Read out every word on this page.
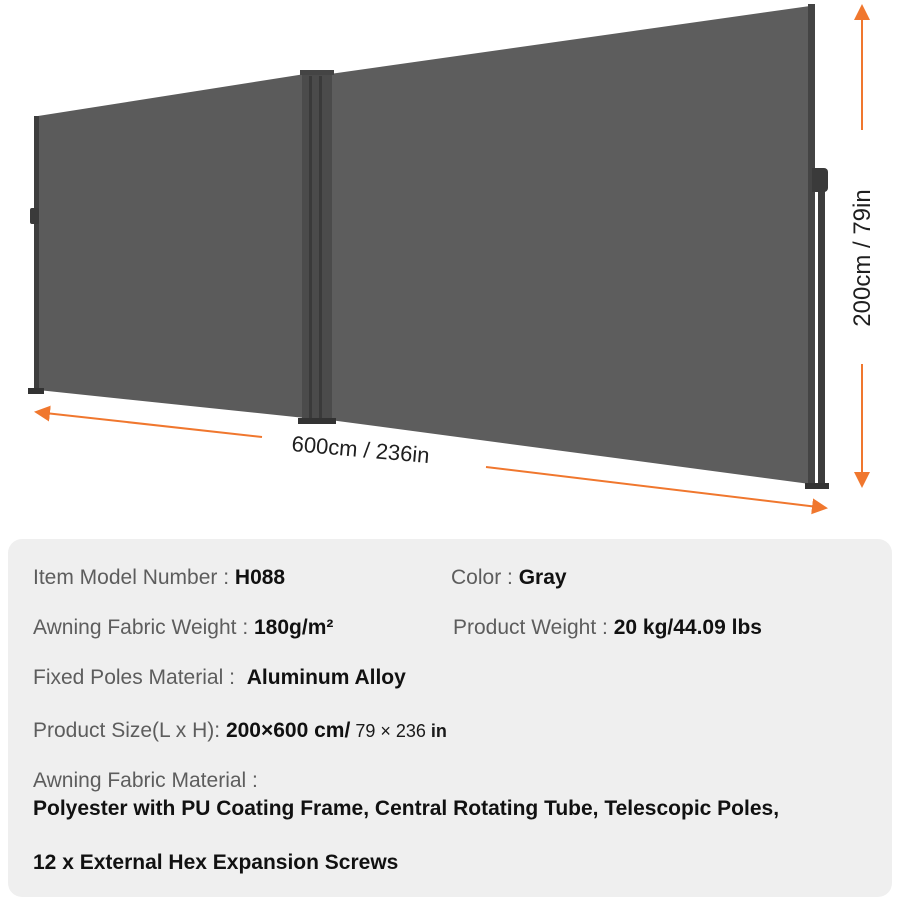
600cm / 236in
200cm / 79in
Item Model Number : H088	Color : Gray
Awning Fabric Weight : 180g/m²	Product Weight : 20 kg/44.09 lbs
Fixed Poles Material : Aluminum Alloy
Product Size(L x H): 200×600 cm/ 79 × 236 in
Awning Fabric Material :
Polyester with PU Coating Frame, Central Rotating Tube, Telescopic Poles,
12 x External Hex Expansion Screws
